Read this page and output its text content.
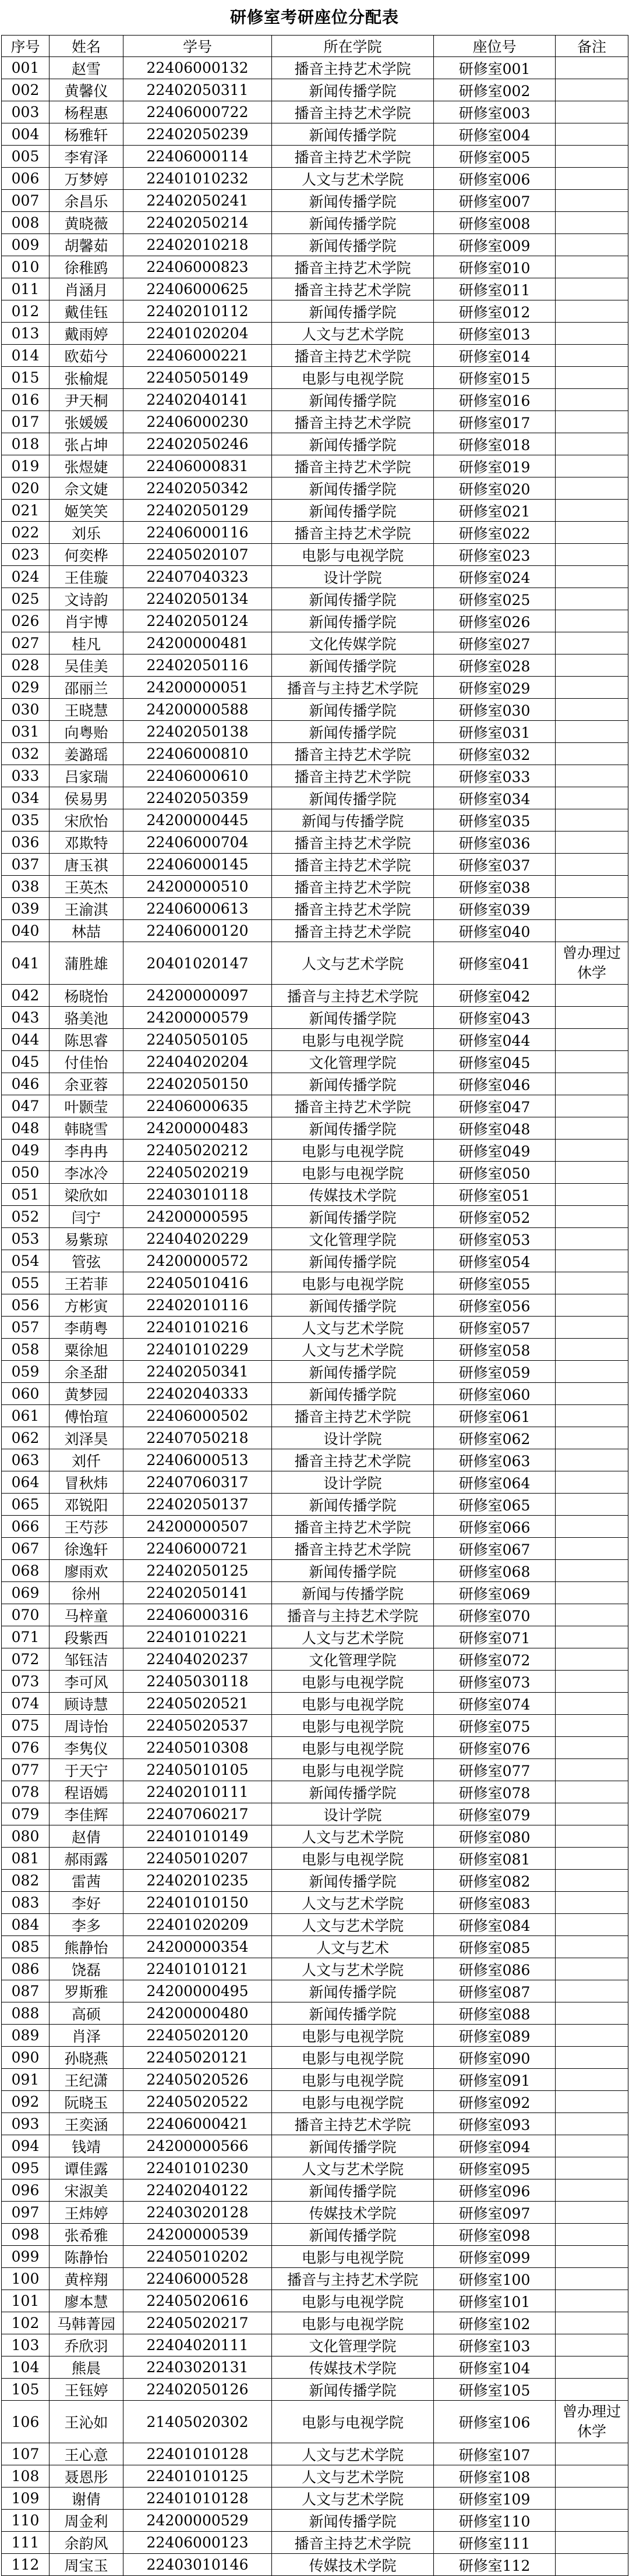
研修室考研座位分配表
序号	姓名	学号	所在学院	座位号	备注
001	赵雪	22406000132	播音主持艺术学院	研修室001	
002	黄馨仪	22402050311	新闻传播学院	研修室002	
003	杨程惠	22406000722	播音主持艺术学院	研修室003	
004	杨雅轩	22402050239	新闻传播学院	研修室004	
005	李宥泽	22406000114	播音主持艺术学院	研修室005	
006	万梦婷	22401010232	人文与艺术学院	研修室006	
007	余昌乐	22402050241	新闻传播学院	研修室007	
008	黄晓薇	22402050214	新闻传播学院	研修室008	
009	胡馨茹	22402010218	新闻传播学院	研修室009	
010	徐稚鸥	22406000823	播音主持艺术学院	研修室010	
011	肖涵月	22406000625	播音主持艺术学院	研修室011	
012	戴佳钰	22402010112	新闻传播学院	研修室012	
013	戴雨婷	22401020204	人文与艺术学院	研修室013	
014	欧茹兮	22406000221	播音主持艺术学院	研修室014	
015	张榆焜	22405050149	电影与电视学院	研修室015	
016	尹天桐	22402040141	新闻传播学院	研修室016	
017	张媛媛	22406000230	播音主持艺术学院	研修室017	
018	张占坤	22402050246	新闻传播学院	研修室018	
019	张煜婕	22406000831	播音主持艺术学院	研修室019	
020	佘文婕	22402050342	新闻传播学院	研修室020	
021	姬笑笑	22402050129	新闻传播学院	研修室021	
022	刘乐	22406000116	播音主持艺术学院	研修室022	
023	何奕桦	22405020107	电影与电视学院	研修室023	
024	王佳璇	22407040323	设计学院	研修室024	
025	文诗韵	22402050134	新闻传播学院	研修室025	
026	肖宇博	22402050124	新闻传播学院	研修室026	
027	桂凡	24200000481	文化传媒学院	研修室027	
028	吴佳美	22402050116	新闻传播学院	研修室028	
029	邵丽兰	24200000051	播音与主持艺术学院	研修室029	
030	王晓慧	24200000588	新闻传播学院	研修室030	
031	向粤贻	22402050138	新闻传播学院	研修室031	
032	姜潞瑶	22406000810	播音主持艺术学院	研修室032	
033	吕家瑞	22406000610	播音主持艺术学院	研修室033	
034	侯易男	22402050359	新闻传播学院	研修室034	
035	宋欣怡	24200000445	新闻与传播学院	研修室035	
036	邓欺特	22406000704	播音主持艺术学院	研修室036	
037	唐玉祺	22406000145	播音主持艺术学院	研修室037	
038	王英杰	24200000510	播音主持艺术学院	研修室038	
039	王渝淇	22406000613	播音主持艺术学院	研修室039	
040	林喆	22406000120	播音主持艺术学院	研修室040	
041	蒲胜雄	20401020147	人文与艺术学院	研修室041	曾办理过休学
042	杨晓怡	24200000097	播音与主持艺术学院	研修室042	
043	骆美池	24200000579	新闻传播学院	研修室043	
044	陈思睿	22405050105	电影与电视学院	研修室044	
045	付佳怡	22404020204	文化管理学院	研修室045	
046	余亚蓉	22402050150	新闻传播学院	研修室046	
047	叶颢莹	22406000635	播音主持艺术学院	研修室047	
048	韩晓雪	24200000483	新闻传播学院	研修室048	
049	李冉冉	22405020212	电影与电视学院	研修室049	
050	李冰冷	22405020219	电影与电视学院	研修室050	
051	梁欣如	22403010118	传媒技术学院	研修室051	
052	闫宁	24200000595	新闻传播学院	研修室052	
053	易紫琼	22404020229	文化管理学院	研修室053	
054	管弦	24200000572	新闻传播学院	研修室054	
055	王若菲	22405010416	电影与电视学院	研修室055	
056	方彬寅	22402010116	新闻传播学院	研修室056	
057	李萌粤	22401010216	人文与艺术学院	研修室057	
058	粟徐旭	22401010229	人文与艺术学院	研修室058	
059	余圣甜	22402050341	新闻传播学院	研修室059	
060	黄梦园	22402040333	新闻传播学院	研修室060	
061	傅怡瑄	22406000502	播音主持艺术学院	研修室061	
062	刘泽昊	22407050218	设计学院	研修室062	
063	刘仟	22406000513	播音主持艺术学院	研修室063	
064	冒秋炜	22407060317	设计学院	研修室064	
065	邓锐阳	22402050137	新闻传播学院	研修室065	
066	王芍莎	24200000507	播音主持艺术学院	研修室066	
067	徐逸轩	22406000721	播音主持艺术学院	研修室067	
068	廖雨欢	22402050125	新闻传播学院	研修室068	
069	徐州	22402050141	新闻与传播学院	研修室069	
070	马梓童	22406000316	播音与主持艺术学院	研修室070	
071	段紫西	22401010221	人文与艺术学院	研修室071	
072	邹钰洁	22404020237	文化管理学院	研修室072	
073	李可风	22405030118	电影与电视学院	研修室073	
074	顾诗慧	22405020521	电影与电视学院	研修室074	
075	周诗怡	22405020537	电影与电视学院	研修室075	
076	李隽仪	22405010308	电影与电视学院	研修室076	
077	于天宁	22405010105	电影与电视学院	研修室077	
078	程语嫣	22402010111	新闻传播学院	研修室078	
079	李佳辉	22407060217	设计学院	研修室079	
080	赵倩	22401010149	人文与艺术学院	研修室080	
081	郝雨露	22405010207	电影与电视学院	研修室081	
082	雷茜	22402010235	新闻传播学院	研修室082	
083	李好	22401010150	人文与艺术学院	研修室083	
084	李多	22401020209	人文与艺术学院	研修室084	
085	熊静怡	24200000354	人文与艺术	研修室085	
086	饶磊	22401010121	人文与艺术学院	研修室086	
087	罗斯雅	24200000495	新闻传播学院	研修室087	
088	高硕	24200000480	新闻传播学院	研修室088	
089	肖泽	22405020120	电影与电视学院	研修室089	
090	孙晓燕	22405020121	电影与电视学院	研修室090	
091	王纪潇	22405020526	电影与电视学院	研修室091	
092	阮晓玉	22405020522	电影与电视学院	研修室092	
093	王奕涵	22406000421	播音主持艺术学院	研修室093	
094	钱靖	24200000566	新闻传播学院	研修室094	
095	谭佳露	22401010230	人文与艺术学院	研修室095	
096	宋淑美	22402040122	新闻传播学院	研修室096	
097	王炜婷	22403020128	传媒技术学院	研修室097	
098	张希雅	24200000539	新闻传播学院	研修室098	
099	陈静怡	22405010202	电影与电视学院	研修室099	
100	黄梓翔	22406000528	播音与主持艺术学院	研修室100	
101	廖本慧	22405020616	电影与电视学院	研修室101	
102	马韩菁园	22405020217	电影与电视学院	研修室102	
103	乔欣羽	22404020111	文化管理学院	研修室103	
104	熊晨	22403020131	传媒技术学院	研修室104	
105	王钰婷	22402050126	新闻传播学院	研修室105	
106	王沁如	21405020302	电影与电视学院	研修室106	曾办理过休学
107	王心意	22401010128	人文与艺术学院	研修室107	
108	聂恩彤	22401010125	人文与艺术学院	研修室108	
109	谢倩	22401010128	人文与艺术学院	研修室109	
110	周金利	24200000529	新闻传播学院	研修室110	
111	余韵风	22406000123	播音主持艺术学院	研修室111	
112	周宝玉	22403010146	传媒技术学院	研修室112	
